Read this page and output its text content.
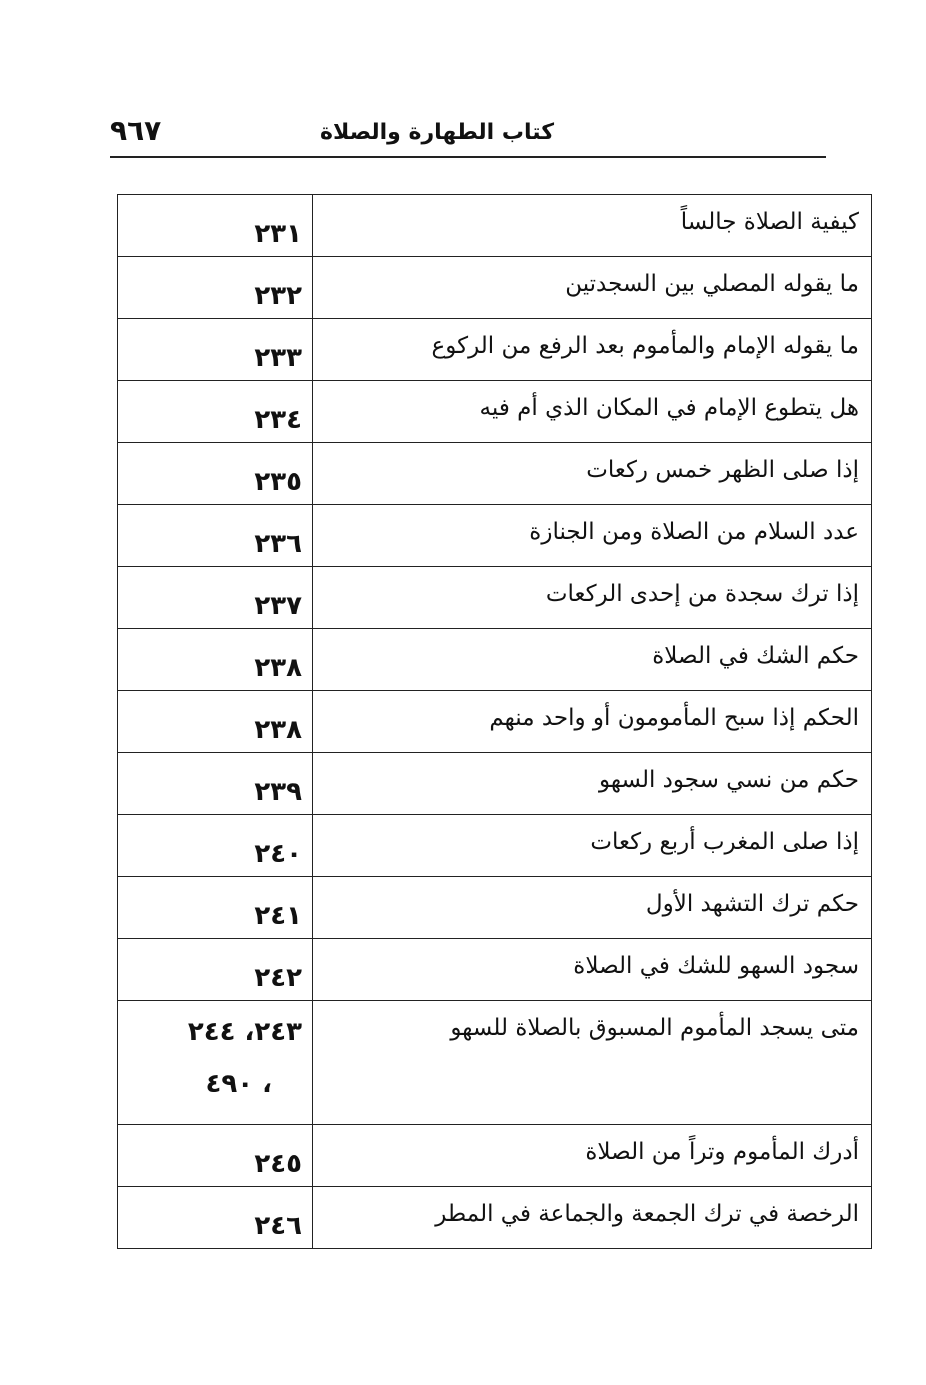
كتاب الطهارة والصلاة
٩٦٧
كيفية الصلاة جالساً	٢٣١
ما يقوله المصلي بين السجدتين	٢٣٢
ما يقوله الإمام والمأموم بعد الرفع من الركوع	٢٣٣
هل يتطوع الإمام في المكان الذي أم فيه	٢٣٤
إذا صلى الظهر خمس ركعات	٢٣٥
عدد السلام من الصلاة ومن الجنازة	٢٣٦
إذا ترك سجدة من إحدى الركعات	٢٣٧
حكم الشك في الصلاة	٢٣٨
الحكم إذا سبح المأمومون أو واحد منهم	٢٣٨
حكم من نسي سجود السهو	٢٣٩
إذا صلى المغرب أربع ركعات	٢٤٠
حكم ترك التشهد الأول	٢٤١
سجود السهو للشك في الصلاة	٢٤٢
متى يسجد المأموم المسبوق بالصلاة للسهو	٢٤٣، ٢٤٤
، ٤٩٠

أدرك المأموم وتراً من الصلاة	٢٤٥
الرخصة في ترك الجمعة والجماعة في المطر	٢٤٦
